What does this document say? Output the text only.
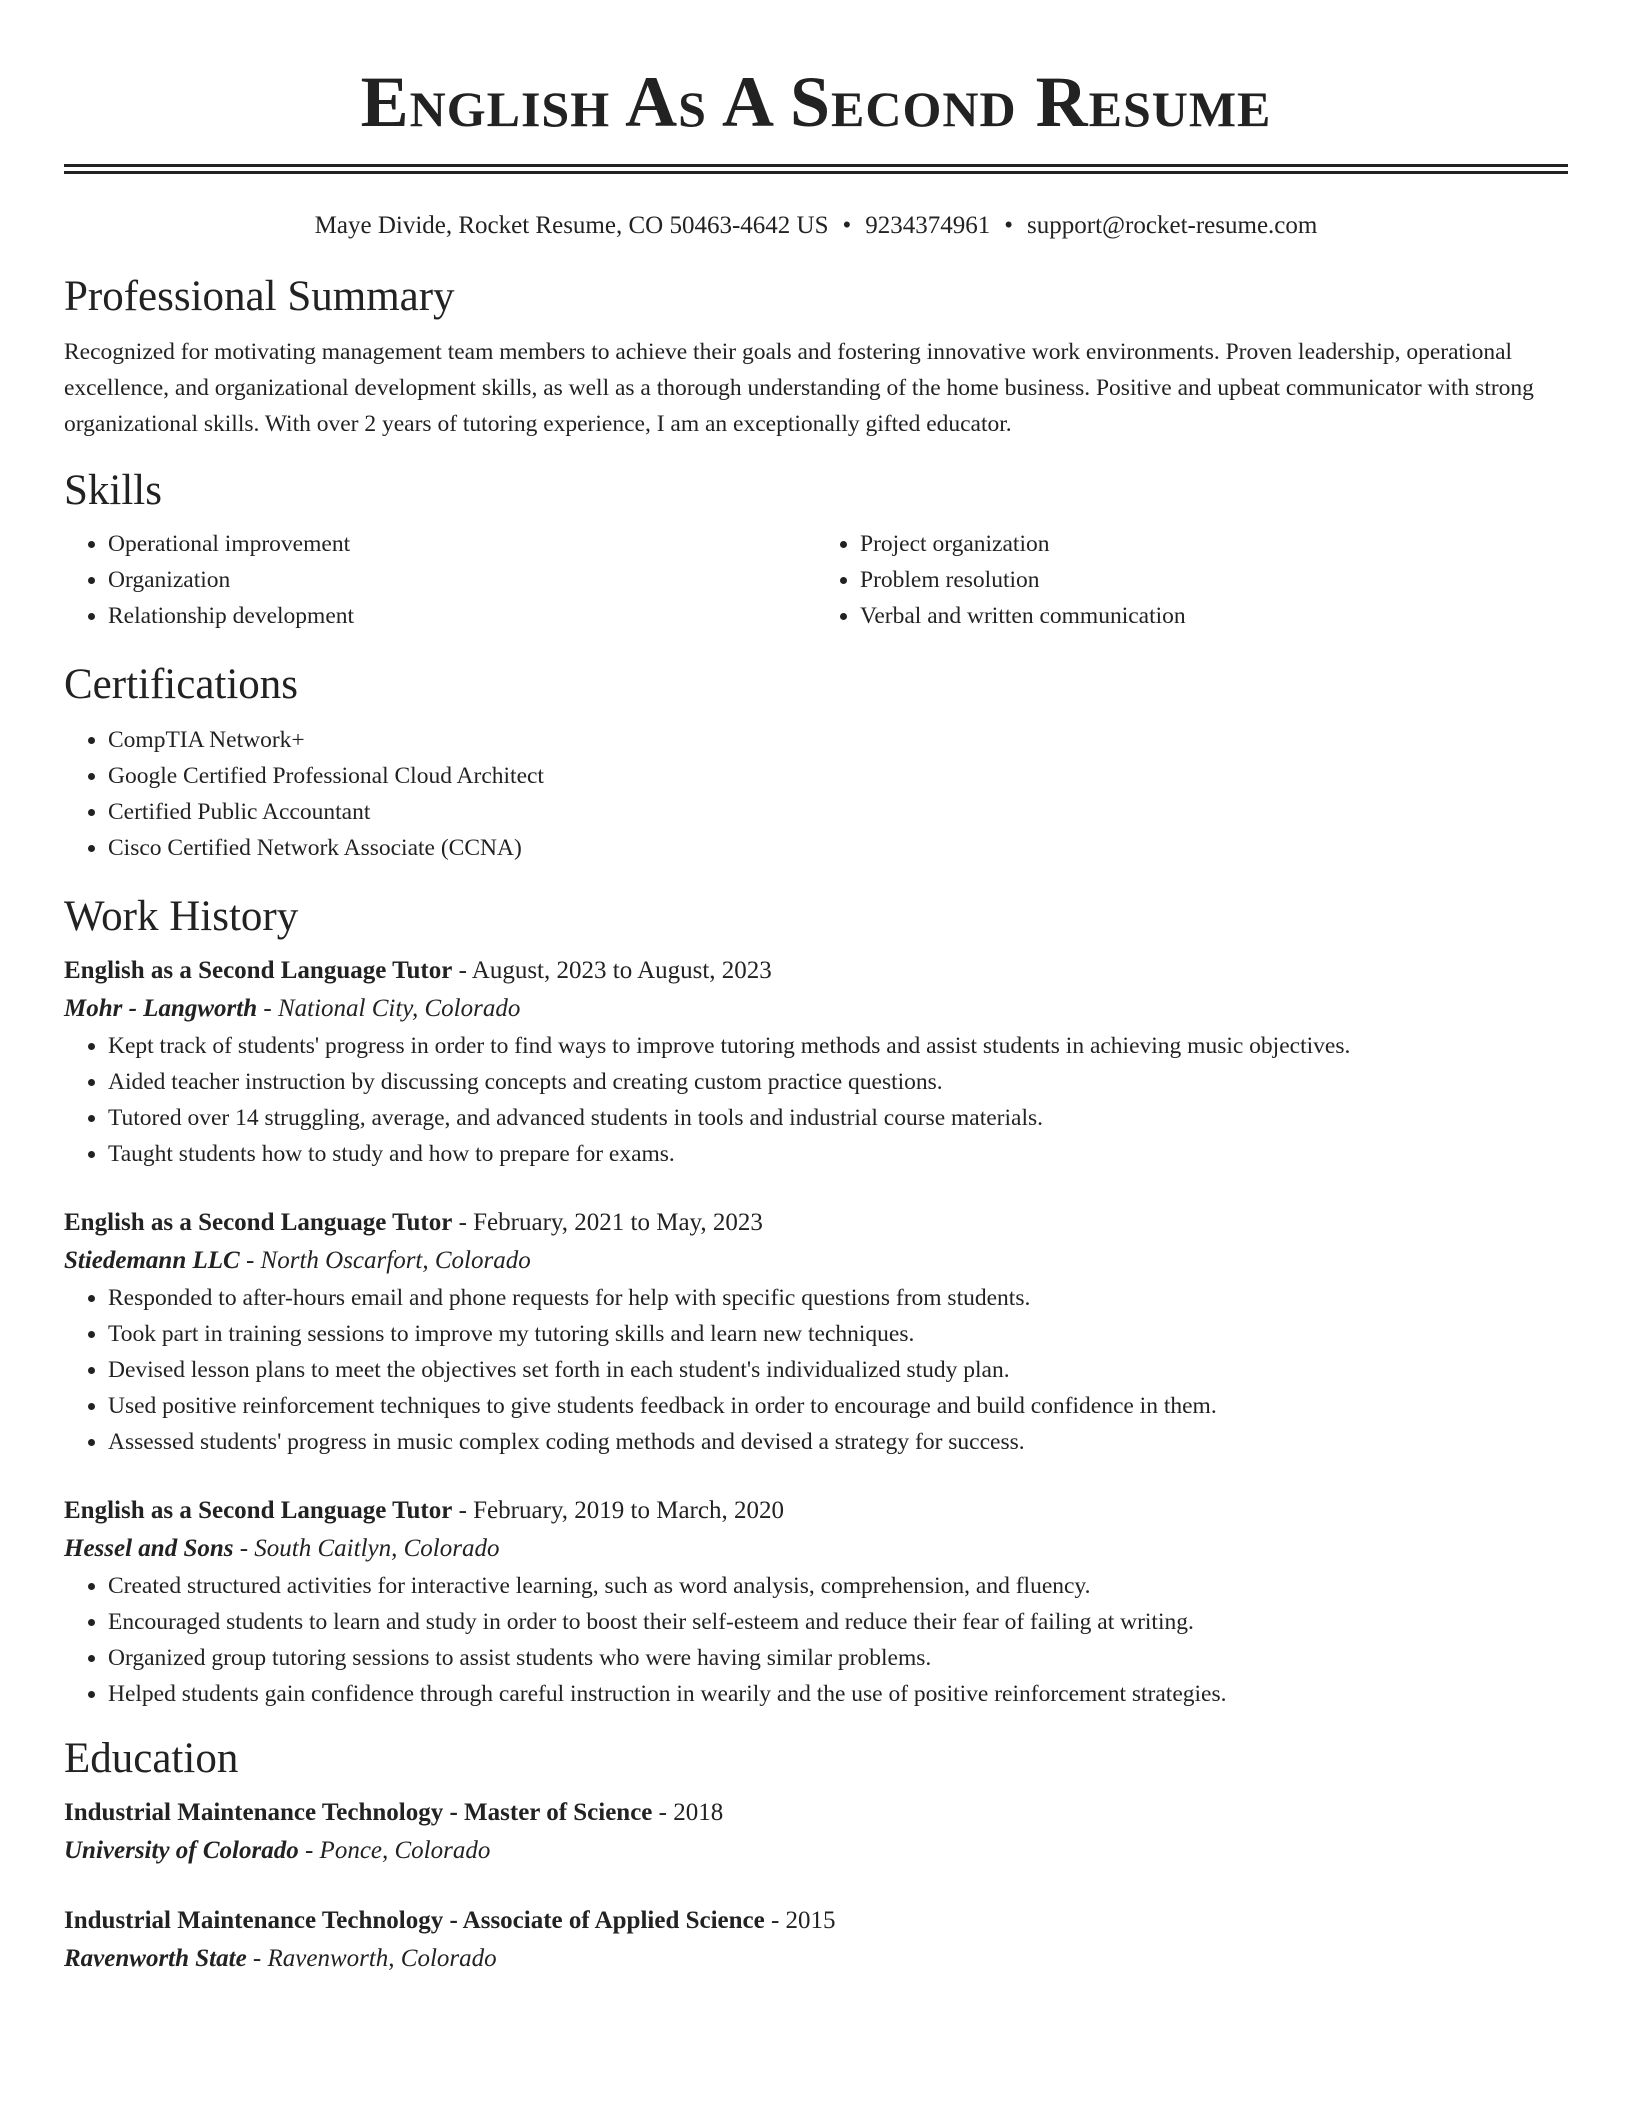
English As A Second Resume
Maye Divide, Rocket Resume, CO 50463-4642 US • 9234374961 • support@rocket-resume.com
Professional Summary

Recognized for motivating management team members to achieve their goals and fostering innovative work environments. Proven leadership, operational excellence, and organizational development skills, as well as a thorough understanding of the home business. Positive and upbeat communicator with strong organizational skills. With over 2 years of tutoring experience, I am an exceptionally gifted educator.

Skills
• Operational improvement
• Organization
• Relationship development
• Project organization
• Problem resolution
• Verbal and written communication
Certifications
• CompTIA Network+
• Google Certified Professional Cloud Architect
• Certified Public Accountant
• Cisco Certified Network Associate (CCNA)
Work History
English as a Second Language Tutor - August, 2023 to August, 2023
Mohr - Langworth - National City, Colorado
• Kept track of students' progress in order to find ways to improve tutoring methods and assist students in achieving music objectives.
• Aided teacher instruction by discussing concepts and creating custom practice questions.
• Tutored over 14 struggling, average, and advanced students in tools and industrial course materials.
• Taught students how to study and how to prepare for exams.
English as a Second Language Tutor - February, 2021 to May, 2023
Stiedemann LLC - North Oscarfort, Colorado
• Responded to after-hours email and phone requests for help with specific questions from students.
• Took part in training sessions to improve my tutoring skills and learn new techniques.
• Devised lesson plans to meet the objectives set forth in each student's individualized study plan.
• Used positive reinforcement techniques to give students feedback in order to encourage and build confidence in them.
• Assessed students' progress in music complex coding methods and devised a strategy for success.
English as a Second Language Tutor - February, 2019 to March, 2020
Hessel and Sons - South Caitlyn, Colorado
• Created structured activities for interactive learning, such as word analysis, comprehension, and fluency.
• Encouraged students to learn and study in order to boost their self-esteem and reduce their fear of failing at writing.
• Organized group tutoring sessions to assist students who were having similar problems.
• Helped students gain confidence through careful instruction in wearily and the use of positive reinforcement strategies.
Education
Industrial Maintenance Technology - Master of Science - 2018
University of Colorado - Ponce, Colorado
Industrial Maintenance Technology - Associate of Applied Science - 2015
Ravenworth State - Ravenworth, Colorado
